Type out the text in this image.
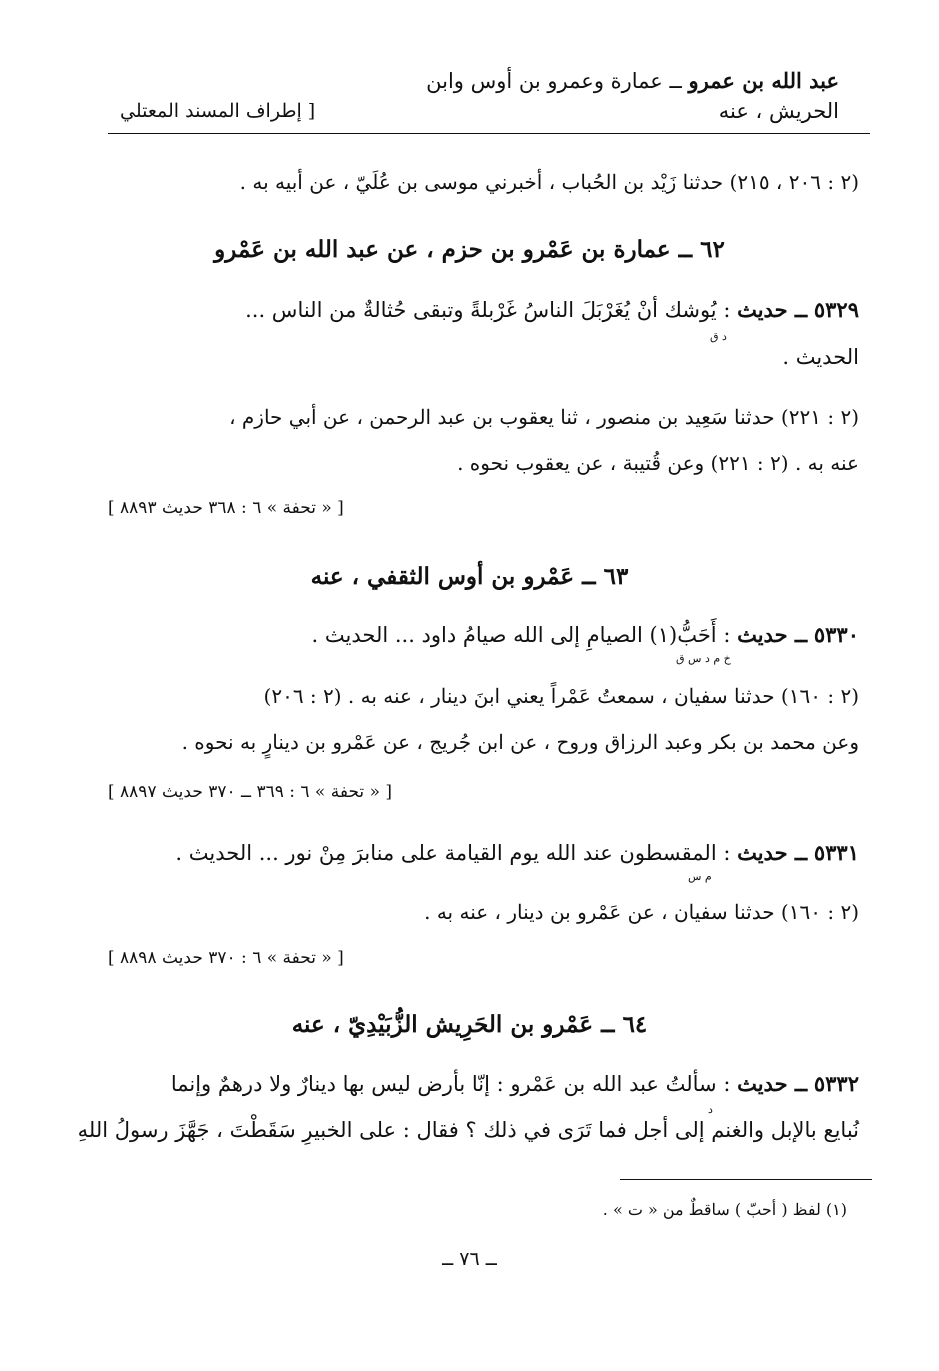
عبد الله بن عمرو ــ عمارة وعمرو بن أوس وابن
الحريش ، عنه
[ إطراف المسند المعتلي
(٢ : ٢٠٦ ، ٢١٥) حدثنا زَيْد بن الحُباب ، أخبرني موسى بن عُلَيّ ، عن أبيه به .
٦٢ ــ عمارة بن عَمْرو بن حزم ، عن عبد الله بن عَمْرو
٥٣٢٩ ــ حديث : يُوشك أنْ يُغَرْبَلَ الناسُ غَرْبلةً وتبقى حُثالةٌ من الناس ...
د ق
الحديث .
(٢ : ٢٢١) حدثنا سَعِيد بن منصور ، ثنا يعقوب بن عبد الرحمن ، عن أبي حازم ،
عنه به . (٢ : ٢٢١) وعن قُتيبة ، عن يعقوب نحوه .
[ « تحفة » ٦ : ٣٦٨ حديث ٨٨٩٣ ]
٦٣ ــ عَمْرو بن أوس الثقفي ، عنه
٥٣٣٠ ــ حديث : أَحَبُّ(١) الصيامِ إلى الله صيامُ داود ... الحديث .
خ م د س ق
(٢ : ١٦٠) حدثنا سفيان ، سمعتُ عَمْراً يعني ابنَ دينار ، عنه به . (٢ : ٢٠٦)
وعن محمد بن بكر وعبد الرزاق وروح ، عن ابن جُريج ، عن عَمْرو بن دينارٍ به نحوه .
[ « تحفة » ٦ : ٣٦٩ ــ ٣٧٠ حديث ٨٨٩٧ ]
٥٣٣١ ــ حديث : المقسطون عند الله يوم القيامة على منابرَ مِنْ نور ... الحديث .
م س
(٢ : ١٦٠) حدثنا سفيان ، عن عَمْرو بن دينار ، عنه به .
[ « تحفة » ٦ : ٣٧٠ حديث ٨٨٩٨ ]
٦٤ ــ عَمْرو بن الحَرِيش الزُّبَيْدِيّ ، عنه
٥٣٣٢ ــ حديث : سألتُ عبد الله بن عَمْرو : إنّا بأرض ليس بها دينارٌ ولا درهمٌ وإنما
د
نُبايع بالإبل والغنم إلى أجل فما تَرَى في ذلك ؟ فقال : على الخبيرِ سَقَطْتَ ، جَهَّزَ رسولُ اللهِ
(١) لفظ ( أحبّ ) ساقطٌ من « ت » .
ــ ٧٦ ــ
